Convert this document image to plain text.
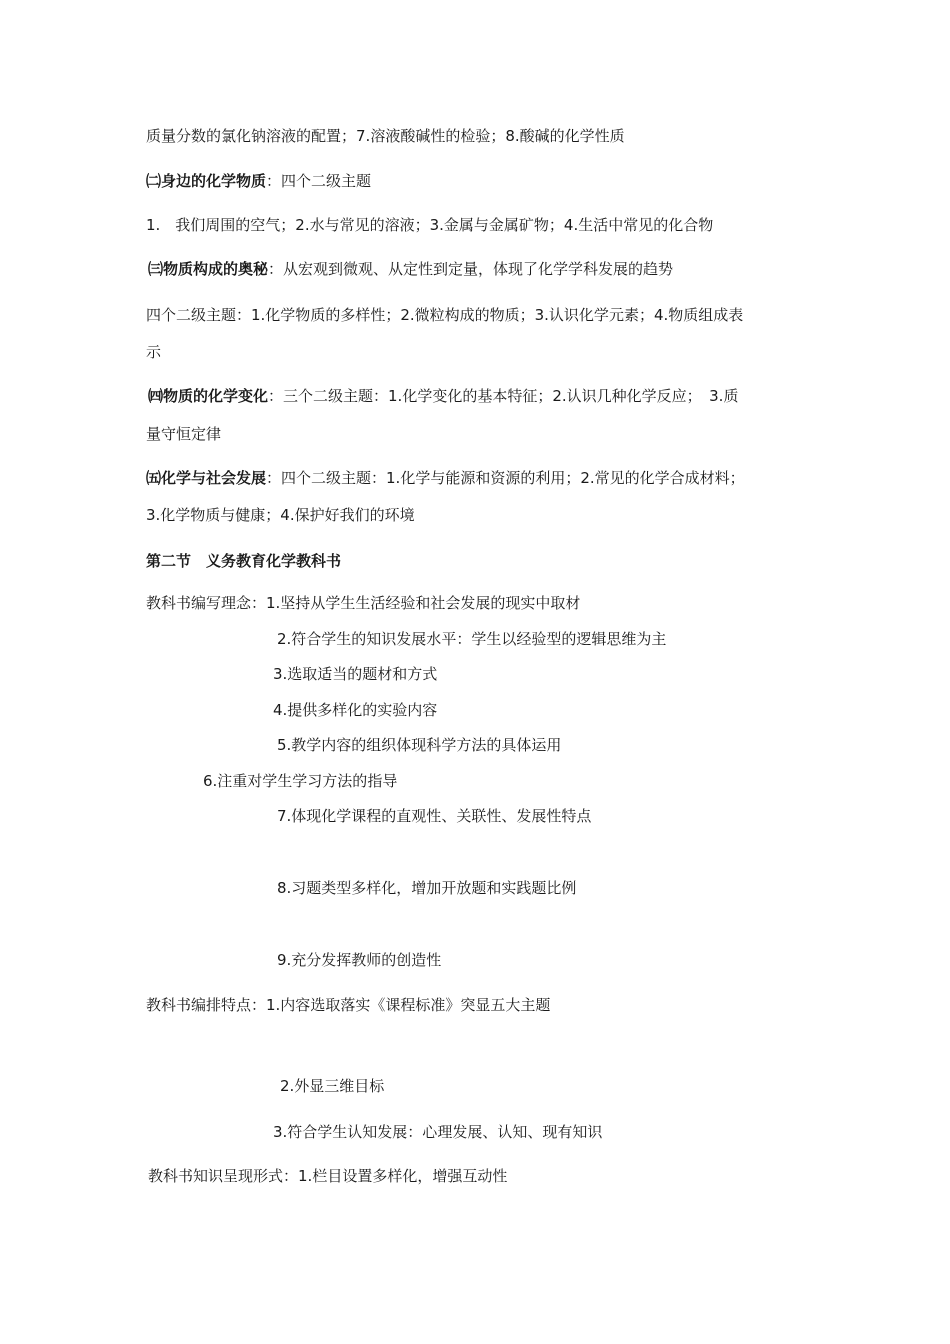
质量分数的氯化钠溶液的配置；7.溶液酸碱性的检验；8.酸碱的化学性质
㈡身边的化学物质：四个二级主题
1.　我们周围的空气；2.水与常见的溶液；3.金属与金属矿物；4.生活中常见的化合物
㈢物质构成的奥秘：从宏观到微观、从定性到定量，体现了化学学科发展的趋势
四个二级主题：1.化学物质的多样性；2.微粒构成的物质；3.认识化学元素；4.物质组成表
示
㈣物质的化学变化：三个二级主题：1.化学变化的基本特征；2.认识几种化学反应；　3.质
量守恒定律
㈤化学与社会发展：四个二级主题：1.化学与能源和资源的利用；2.常见的化学合成材料；
3.化学物质与健康；4.保护好我们的环境
第二节　义务教育化学教科书
教科书编写理念：1.坚持从学生生活经验和社会发展的现实中取材
2.符合学生的知识发展水平：学生以经验型的逻辑思维为主
3.选取适当的题材和方式
4.提供多样化的实验内容
5.教学内容的组织体现科学方法的具体运用
6.注重对学生学习方法的指导
7.体现化学课程的直观性、关联性、发展性特点
8.习题类型多样化，增加开放题和实践题比例
9.充分发挥教师的创造性
教科书编排特点：1.内容选取落实《课程标准》突显五大主题
2.外显三维目标
3.符合学生认知发展：心理发展、认知、现有知识
教科书知识呈现形式：1.栏目设置多样化，增强互动性
